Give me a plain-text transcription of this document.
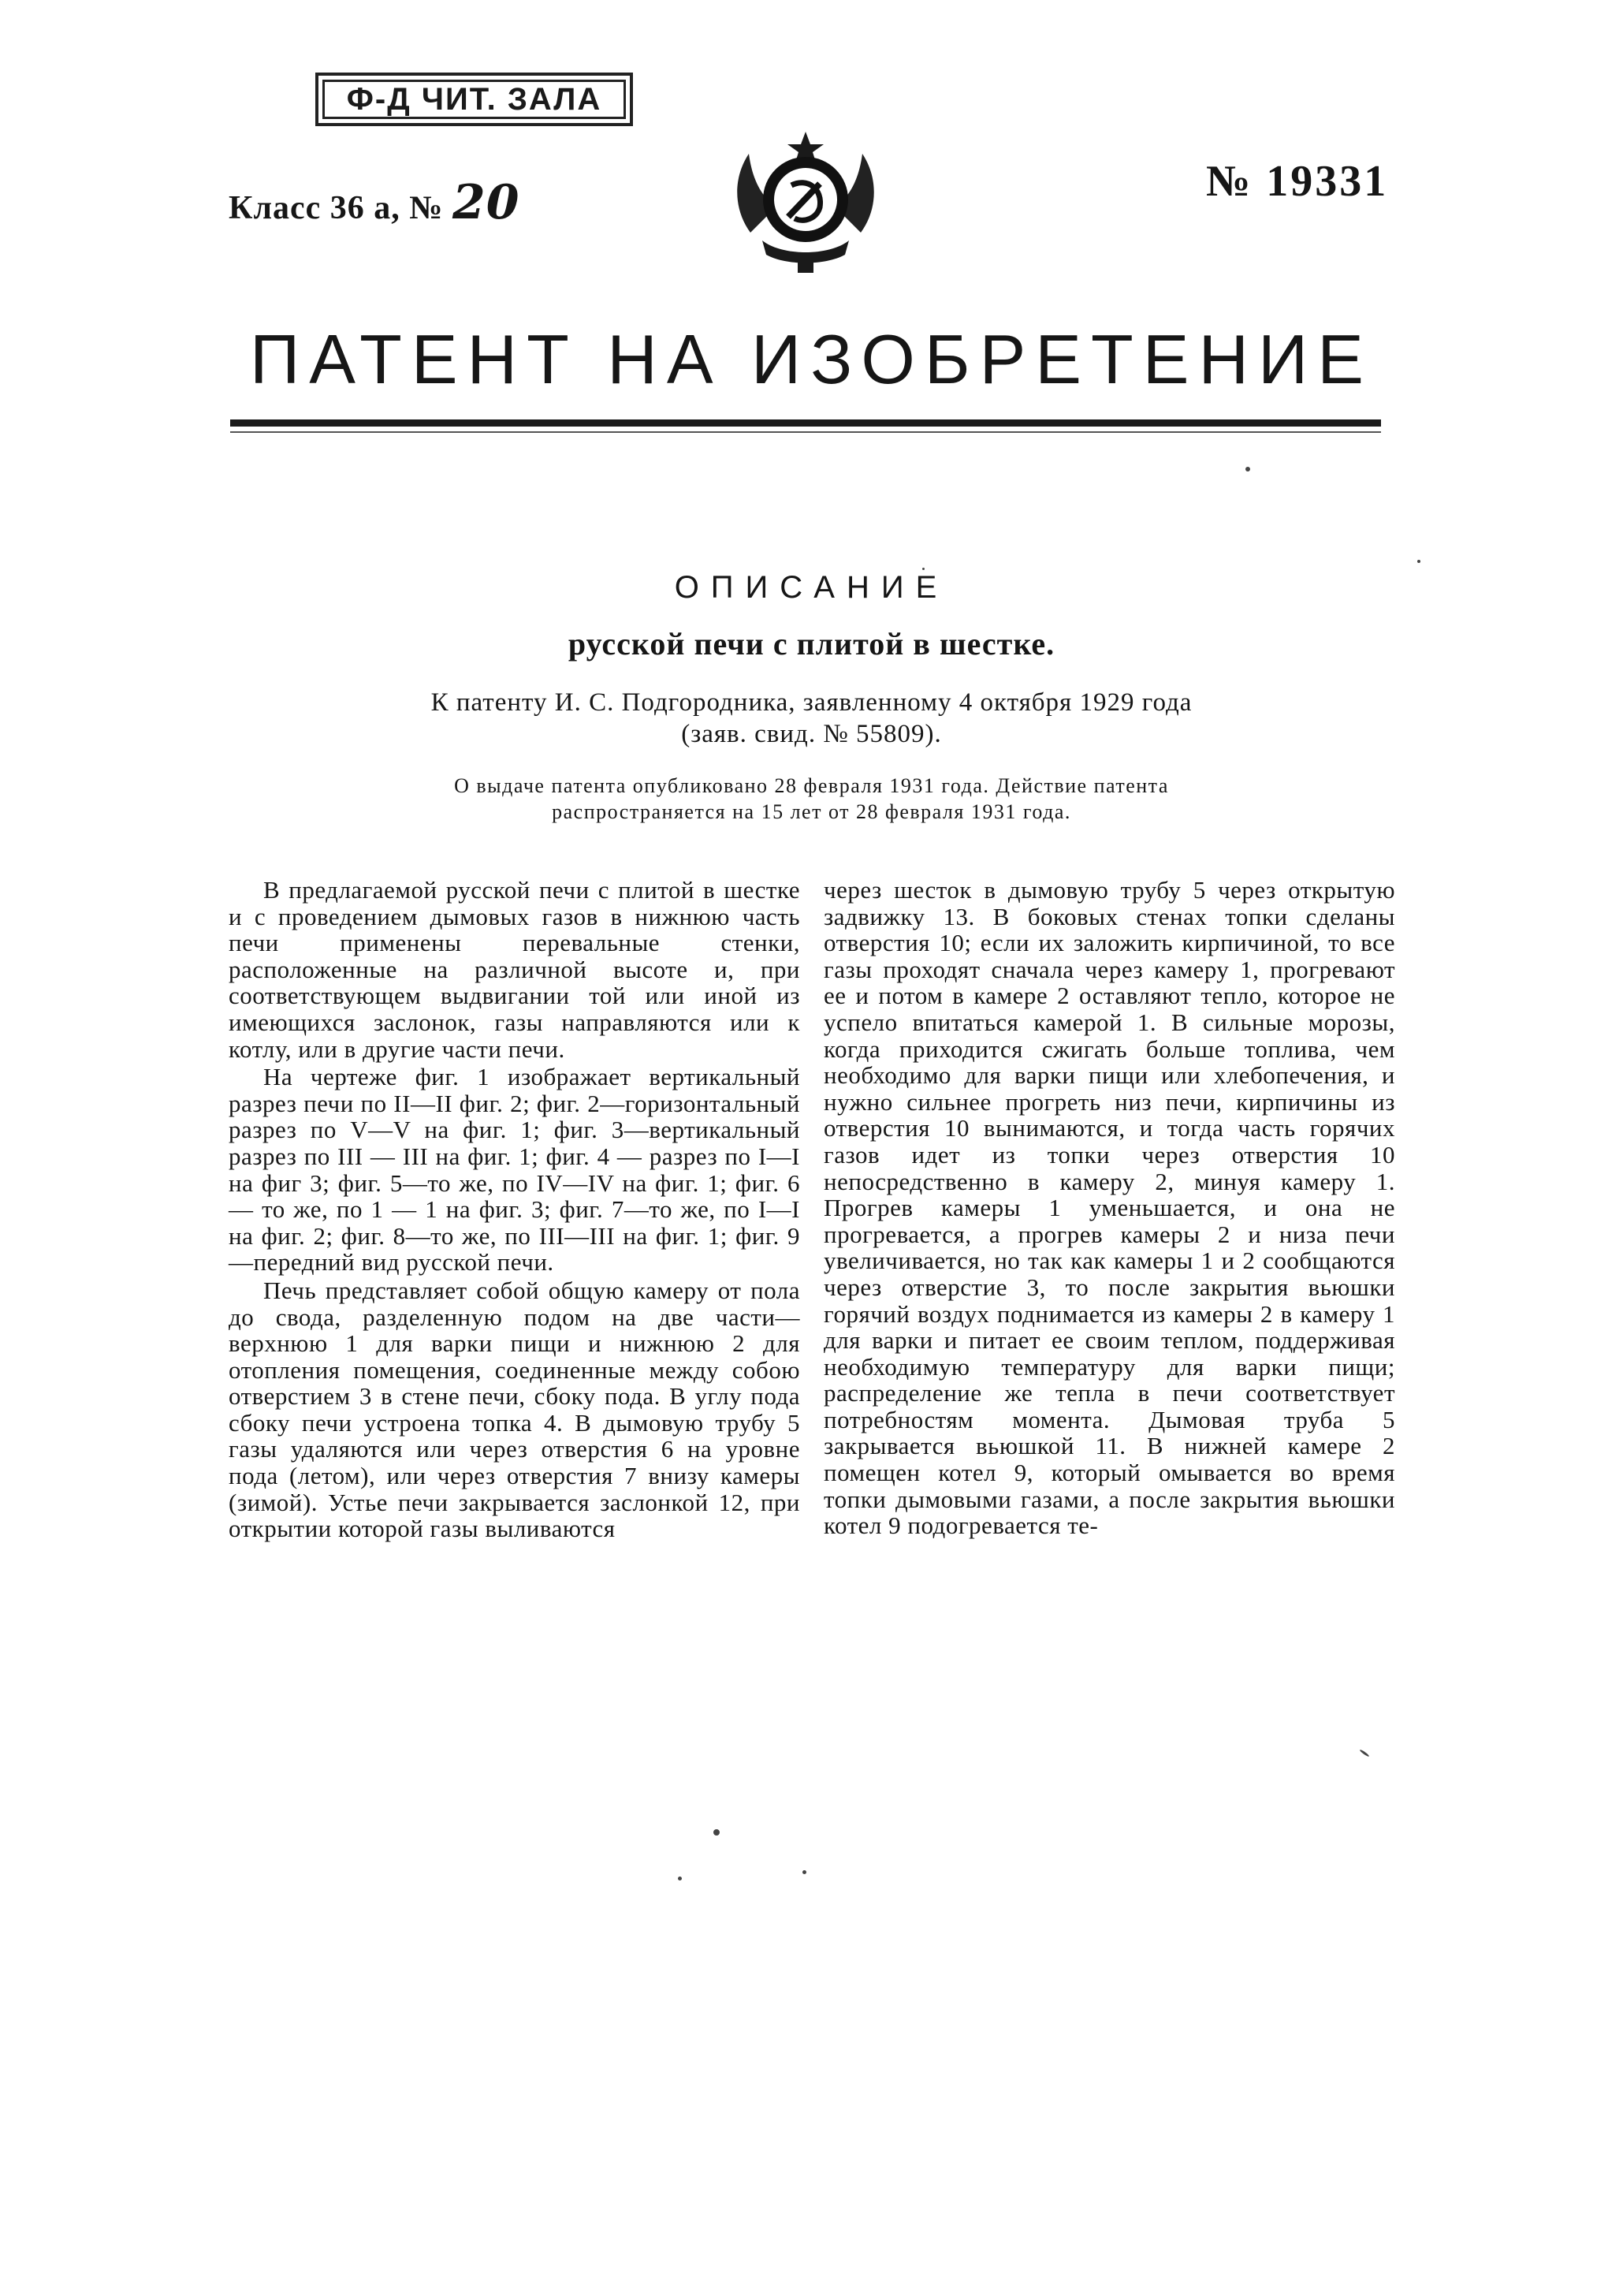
Ф-Д ЧИТ. ЗАЛА
Класс 36 а, № 20	№ 19331
ПАТЕНТ НА ИЗОБРЕТЕНИЕ
ОПИСАНИЕ
русской печи с плитой в шестке.
К патенту И. С. Подгородника, заявленному 4 октября 1929 года
(заяв. свид. № 55809).
О выдаче патента опубликовано 28 февраля 1931 года. Действие патента
распространяется на 15 лет от 28 февраля 1931 года.

В предлагаемой русской печи с плитой в шестке и с проведением дымовых газов в нижнюю часть печи применены перевальные стенки, расположенные на различной высоте и, при соответствующем выдвигании той или иной из имеющихся заслонок, газы направляются или к котлу, или в другие части печи.

На чертеже фиг. 1 изображает вертикальный разрез печи по II—II фиг. 2; фиг. 2—горизонтальный разрез по V—V на фиг. 1; фиг. 3—вертикальный разрез по III — III на фиг. 1; фиг. 4 — разрез по I—I на фиг 3; фиг. 5—то же, по IV—IV на фиг. 1; фиг. 6 — то же, по 1 — 1 на фиг. 3; фиг. 7—то же, по I—I на фиг. 2; фиг. 8—то же, по III—III на фиг. 1; фиг. 9—передний вид русской печи.

Печь представляет собой общую камеру от пола до свода, разделенную подом на две части—верхнюю 1 для варки пищи и нижнюю 2 для отопления помещения, соединенные между собою отверстием 3 в стене печи, сбоку пода. В углу пода сбоку печи устроена топка 4. В дымовую трубу 5 газы удаляются или через отверстия 6 на уровне пода (летом), или через отверстия 7 внизу камеры (зимой). Устье печи закрывается заслонкой 12, при открытии которой газы выливаются

через шесток в дымовую трубу 5 через открытую задвижку 13. В боковых стенах топки сделаны отверстия 10; если их заложить кирпичиной, то все газы проходят сначала через камеру 1, прогревают ее и потом в камере 2 оставляют тепло, которое не успело впитаться камерой 1. В сильные морозы, когда приходится сжигать больше топлива, чем необходимо для варки пищи или хлебопечения, и нужно сильнее прогреть низ печи, кирпичины из отверстия 10 вынимаются, и тогда часть горячих газов идет из топки через отверстия 10 непосредственно в камеру 2, минуя камеру 1. Прогрев камеры 1 уменьшается, и она не прогревается, а прогрев камеры 2 и низа печи увеличивается, но так как камеры 1 и 2 сообщаются через отверстие 3, то после закрытия вьюшки горячий воздух поднимается из камеры 2 в камеру 1 для варки и питает ее своим теплом, поддерживая необходимую температуру для варки пищи; распределение же тепла в печи соответствует потребностям момента. Дымовая труба 5 закрывается вьюшкой 11. В нижней камере 2 помещен котел 9, который омывается во время топки дымовыми газами, а после закрытия вьюшки котел 9 подогревается те-
